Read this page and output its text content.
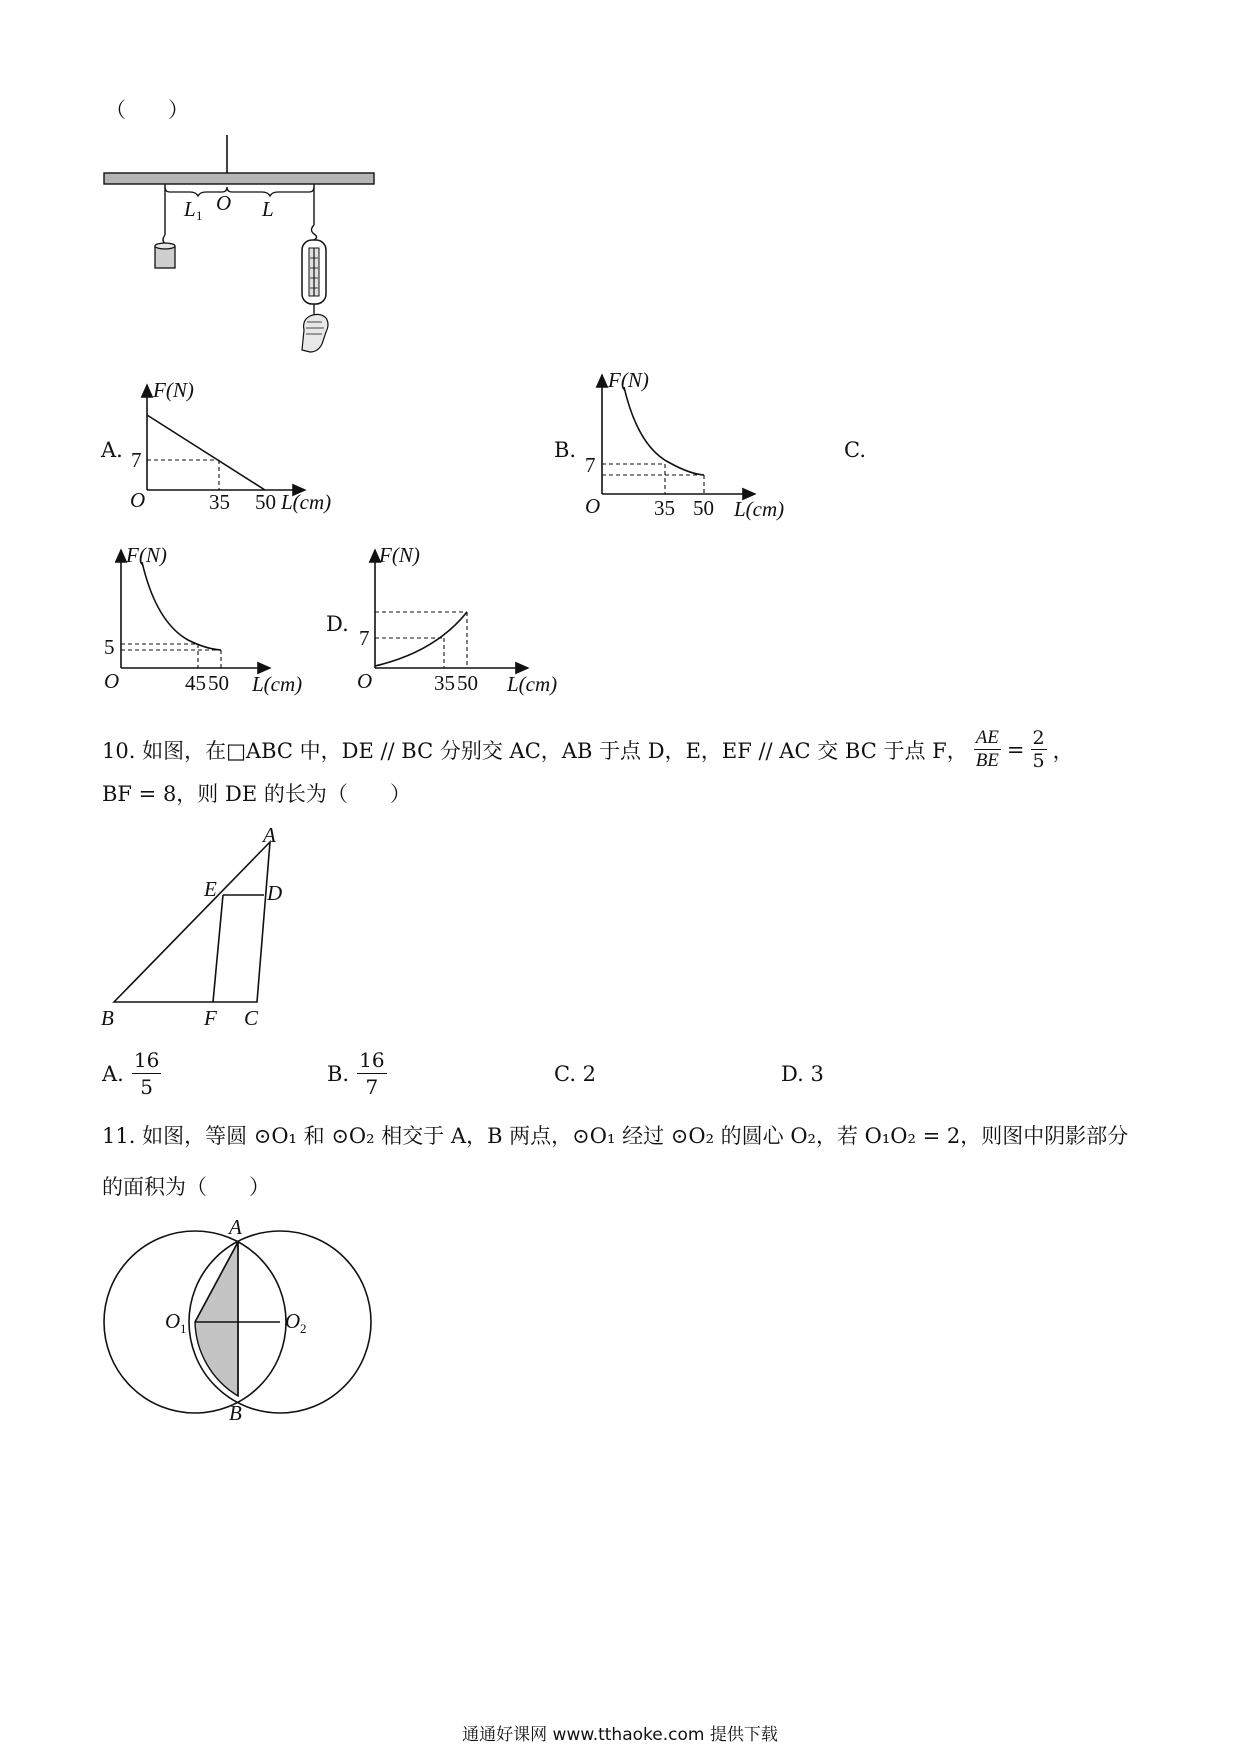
（　　）
L 1
O L
A.
F(N)
7
O	35 50 L(cm)
B.
F(N)
7
O	35 50 L(cm)
C.
F(N)
5
O	45 50 L(cm)
D.
F(N)
7
O	35 50 L(cm)
10. 如图，在□ABC 中，DE // BC 分别交 AC，AB 于点 D，E，EF // AC 交 BC 于点 F， $\frac{AE}{BE} = \frac{2}{5}$ ，
BF = 8，则 DE 的长为（　　）
A
E D
B	F C
A. $\frac{16}{5}$	B. $\frac{16}{7}$	C. 2	D. 3
11. 如图，等圆 ⊙O₁ 和 ⊙O₂ 相交于 A，B 两点，⊙O₁ 经过 ⊙O₂ 的圆心 O₂，若 O₁O₂ = 2，则图中阴影部分
的面积为（　　）
A
O 1	O 2
B
通通好课网 www.tthaoke.com 提供下载
